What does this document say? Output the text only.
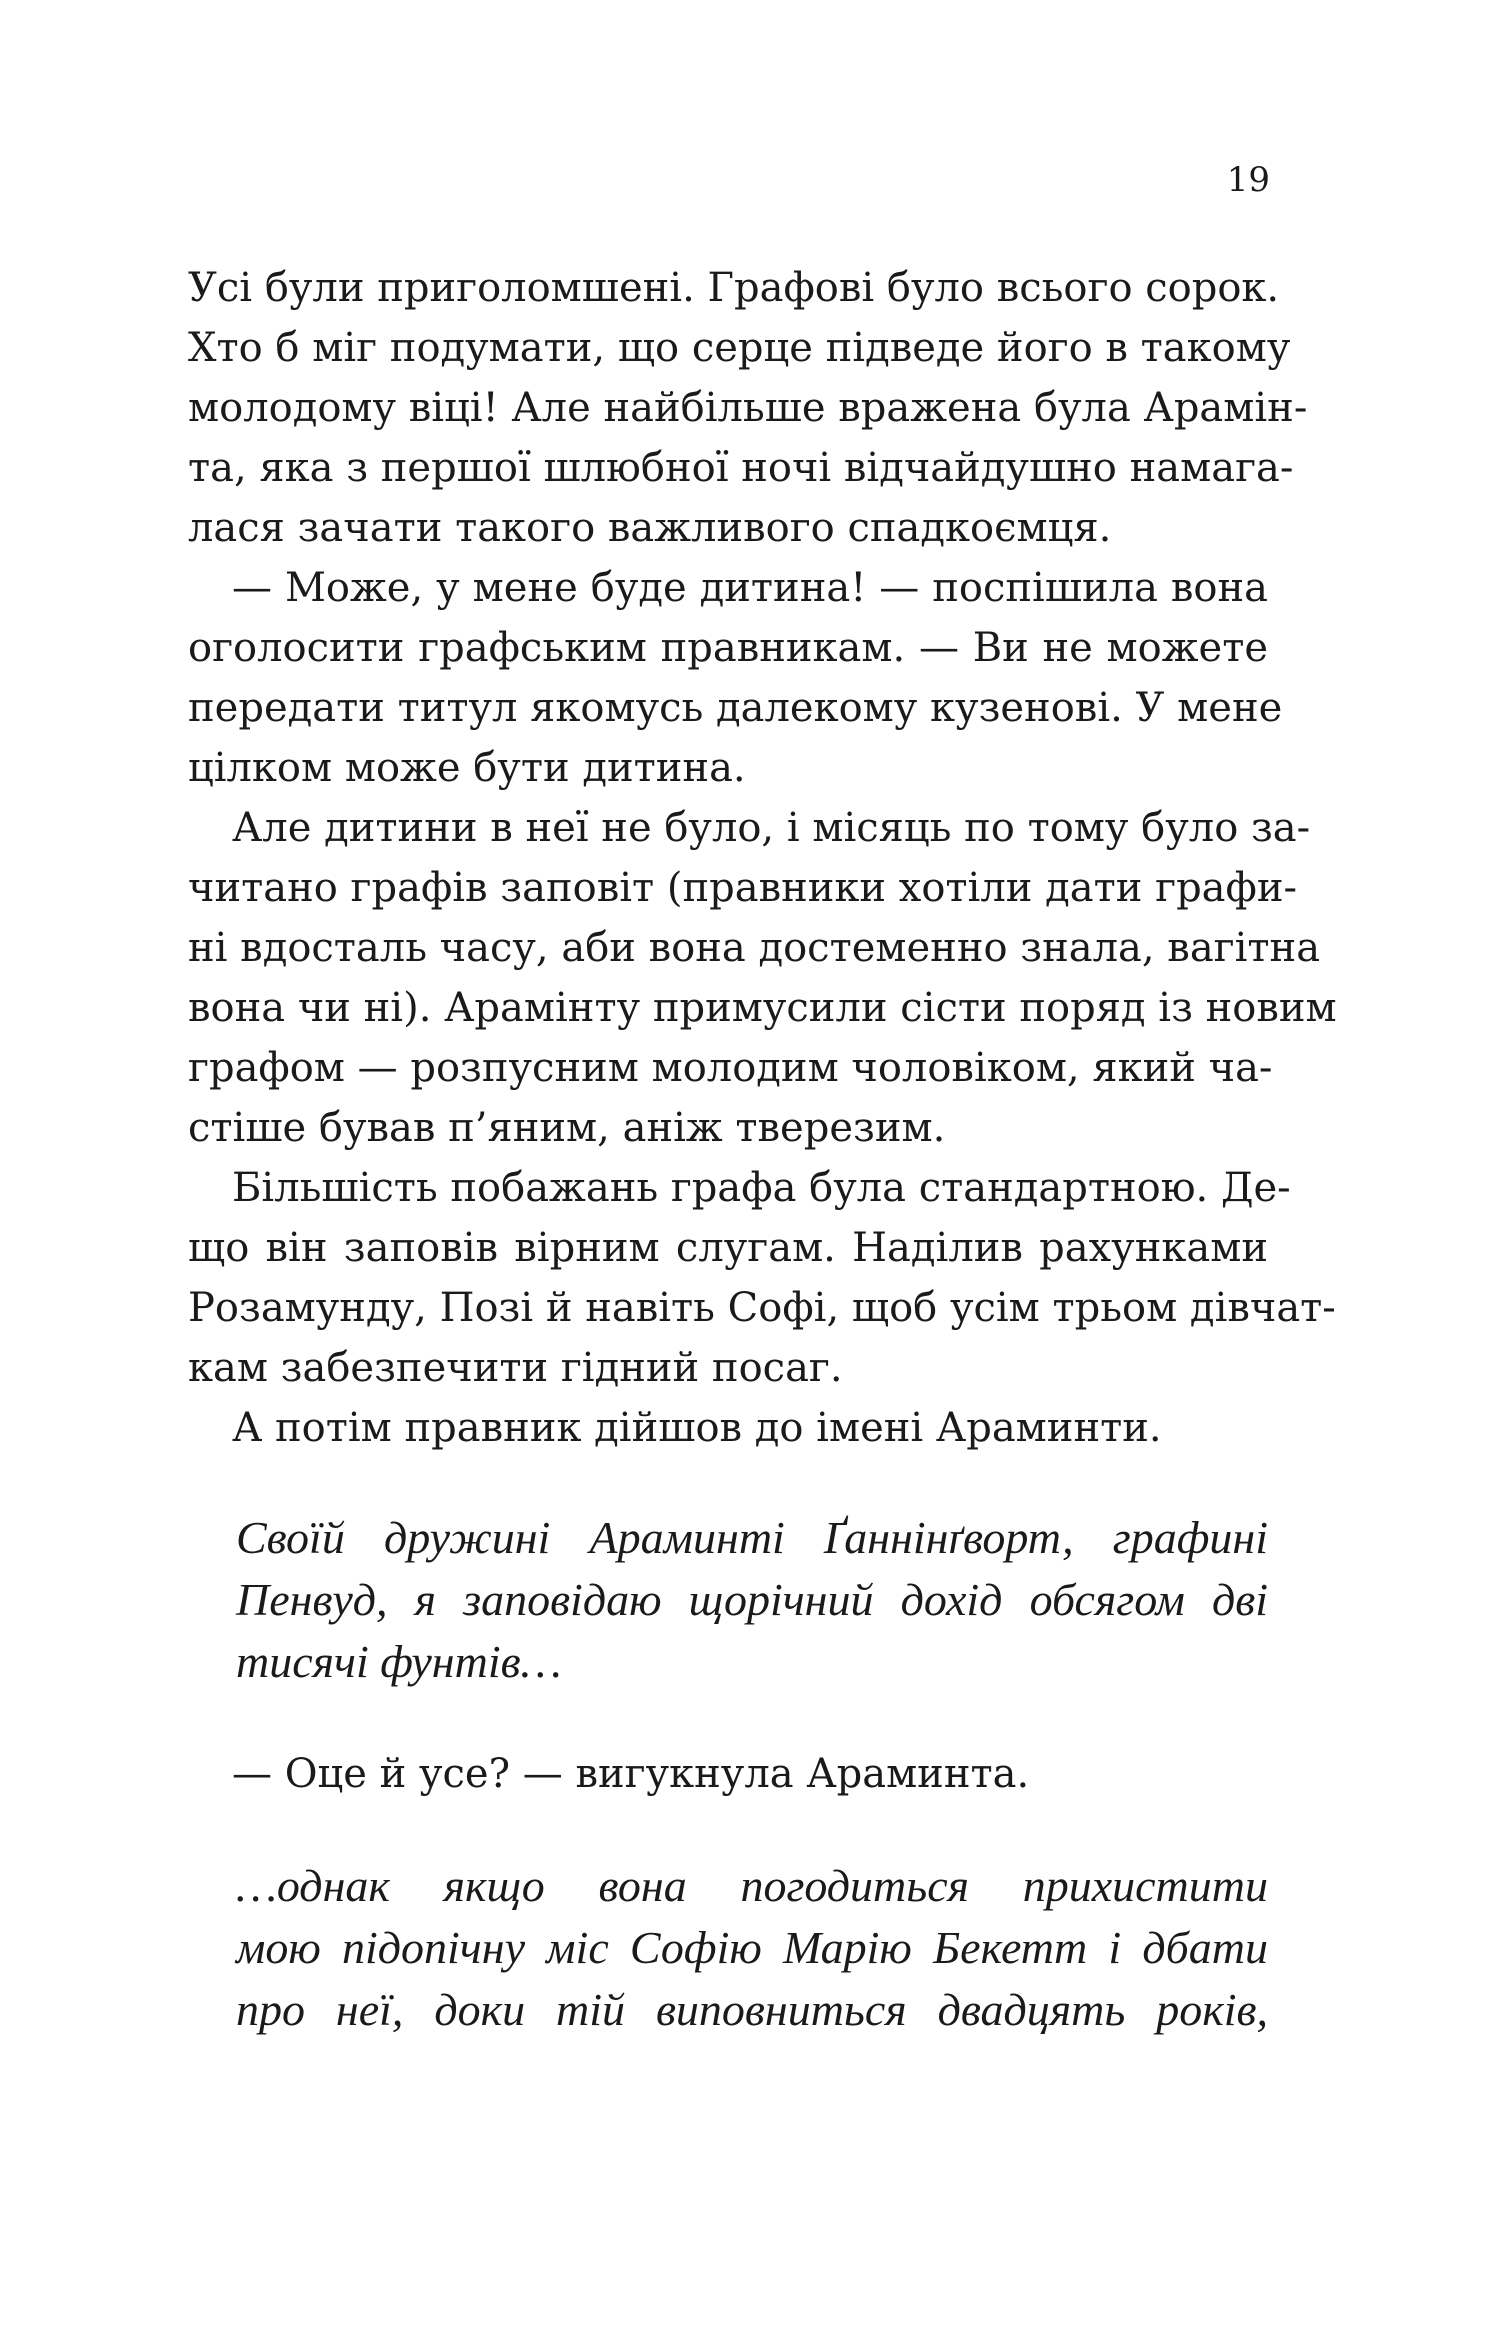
19
Усі були приголомшені. Графові було всього сорок.
Хто б міг подумати, що серце підведе його в такому
молодому віці! Але найбільше вражена була Арамін-
та, яка з першої шлюбної ночі відчайдушно намага-
лася зачати такого важливого спадкоємця.
— Може, у мене буде дитина! — поспішила вона
оголосити графським правникам. — Ви не можете
передати титул якомусь далекому кузенові. У мене
цілком може бути дитина.
Але дитини в неї не було, і місяць по тому було за-
читано графів заповіт (правники хотіли дати графи-
ні вдосталь часу, аби вона достеменно знала, вагітна
вона чи ні). Арамінту примусили сісти поряд із новим
графом — розпусним молодим чоловіком, який ча-
стіше бував п’яним, аніж тверезим.
Більшість побажань графа була стандартною. Де-
що він заповів вірним слугам. Наділив рахунками
Розамунду, Позі й навіть Софі, щоб усім трьом дівчат-
кам забезпечити гідний посаг.
А потім правник дійшов до імені Араминти.
Своїй дружині Араминті Ґаннінґворт, графині
Пенвуд, я заповідаю щорічний дохід обсягом дві
тисячі фунтів…
— Оце й усе? — вигукнула Араминта.
…однак якщо вона погодиться прихистити
мою підопічну міс Софію Марію Бекетт і дбати
про неї, доки тій виповниться двадцять років,
